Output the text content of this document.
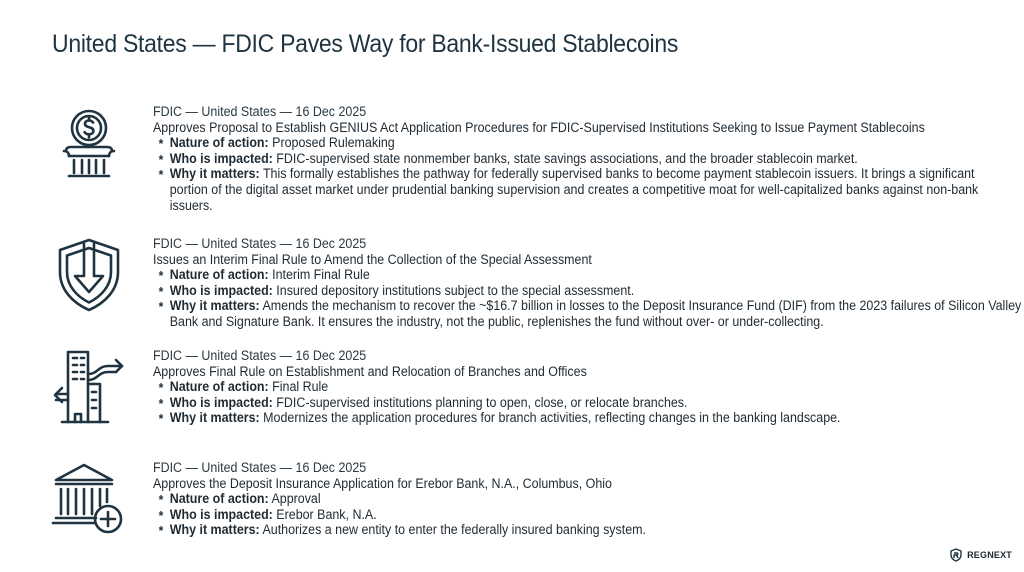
United States — FDIC Paves Way for Bank-Issued Stablecoins
FDIC — United States — 16 Dec 2025
Approves Proposal to Establish GENIUS Act Application Procedures for FDIC-Supervised Institutions Seeking to Issue Payment Stablecoins
* Nature of action: Proposed Rulemaking
* Who is impacted: FDIC-supervised state nonmember banks, state savings associations, and the broader stablecoin market.
* Why it matters: This formally establishes the pathway for federally supervised banks to become payment stablecoin issuers. It brings a significant portion of the digital asset market under prudential banking supervision and creates a competitive moat for well-capitalized banks against non-bank issuers.
FDIC — United States — 16 Dec 2025
Issues an Interim Final Rule to Amend the Collection of the Special Assessment
* Nature of action: Interim Final Rule
* Who is impacted: Insured depository institutions subject to the special assessment.
* Why it matters: Amends the mechanism to recover the ~$16.7 billion in losses to the Deposit Insurance Fund (DIF) from the 2023 failures of Silicon Valley Bank and Signature Bank. It ensures the industry, not the public, replenishes the fund without over- or under-collecting.
FDIC — United States — 16 Dec 2025
Approves Final Rule on Establishment and Relocation of Branches and Offices
* Nature of action: Final Rule
* Who is impacted: FDIC-supervised institutions planning to open, close, or relocate branches.
* Why it matters: Modernizes the application procedures for branch activities, reflecting changes in the banking landscape.
FDIC — United States — 16 Dec 2025
Approves the Deposit Insurance Application for Erebor Bank, N.A., Columbus, Ohio
* Nature of action: Approval
* Who is impacted: Erebor Bank, N.A.
* Why it matters: Authorizes a new entity to enter the federally insured banking system.
REGNEXT
